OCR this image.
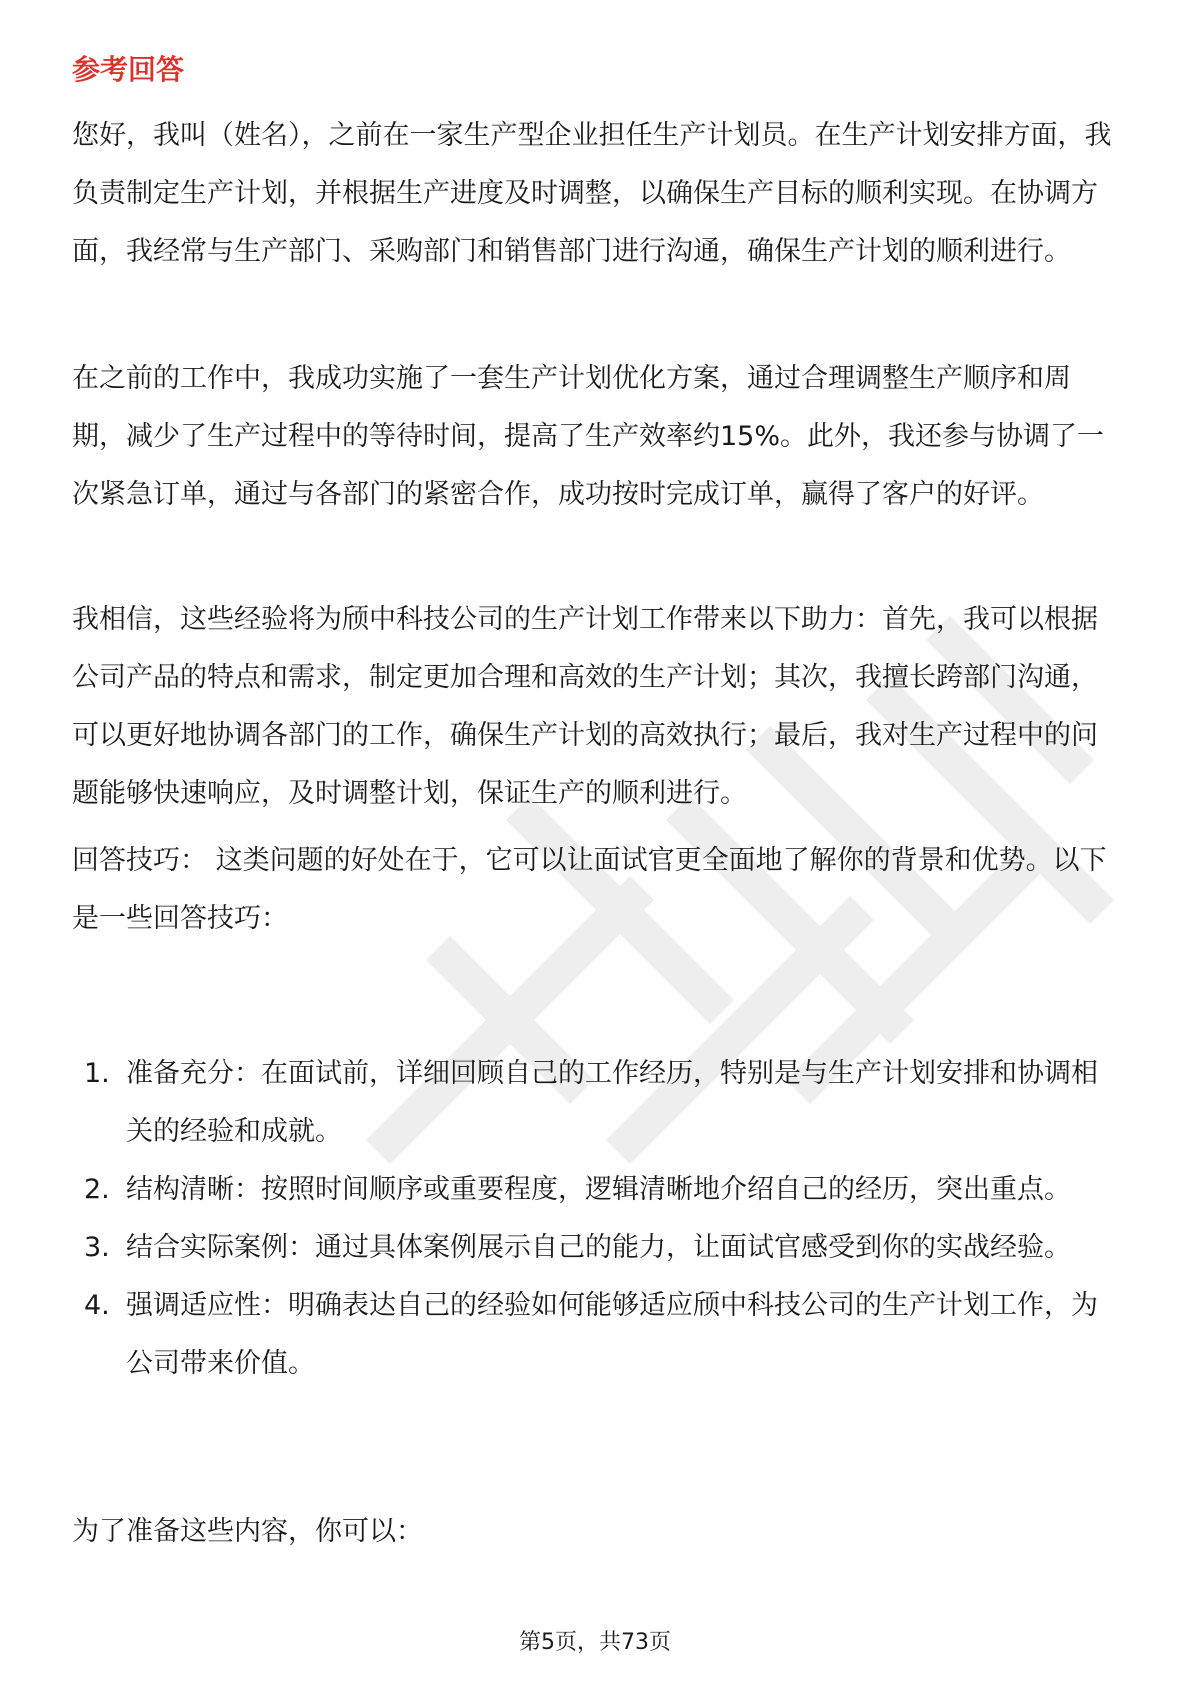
参考回答

您好，我叫（姓名），之前在一家生产型企业担任生产计划员。在生产计划安排方面，我负责制定生产计划，并根据生产进度及时调整，以确保生产目标的顺利实现。在协调方面，我经常与生产部门、采购部门和销售部门进行沟通，确保生产计划的顺利进行。

在之前的工作中，我成功实施了一套生产计划优化方案，通过合理调整生产顺序和周期，减少了生产过程中的等待时间，提高了生产效率约15%。此外，我还参与协调了一次紧急订单，通过与各部门的紧密合作，成功按时完成订单，赢得了客户的好评。

我相信，这些经验将为颀中科技公司的生产计划工作带来以下助力：首先，我可以根据公司产品的特点和需求，制定更加合理和高效的生产计划；其次，我擅长跨部门沟通，可以更好地协调各部门的工作，确保生产计划的高效执行；最后，我对生产过程中的问题能够快速响应，及时调整计划，保证生产的顺利进行。

回答技巧： 这类问题的好处在于，它可以让面试官更全面地了解你的背景和优势。以下是一些回答技巧：

1. 准备充分：在面试前，详细回顾自己的工作经历，特别是与生产计划安排和协调相关的经验和成就。
2. 结构清晰：按照时间顺序或重要程度，逻辑清晰地介绍自己的经历，突出重点。
3. 结合实际案例：通过具体案例展示自己的能力，让面试官感受到你的实战经验。
4. 强调适应性：明确表达自己的经验如何能够适应颀中科技公司的生产计划工作，为公司带来价值。

为了准备这些内容，你可以：

第5页，共73页
